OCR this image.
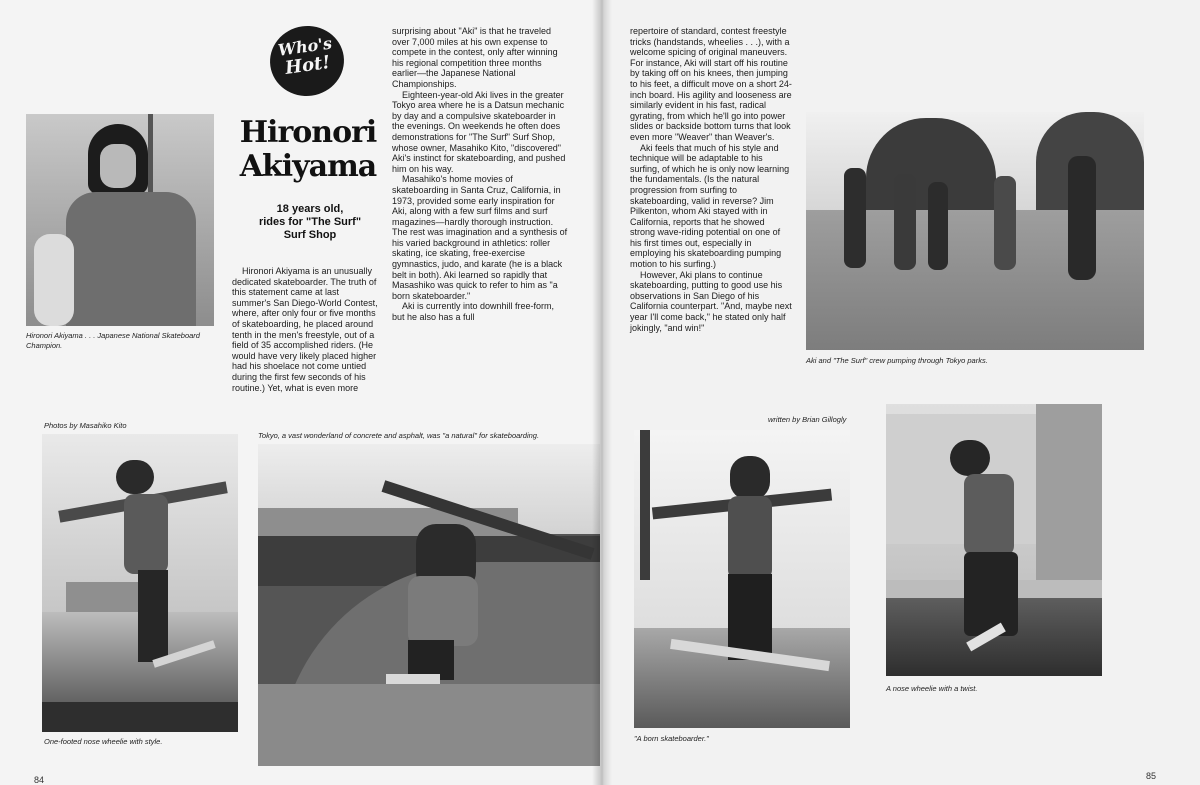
Hironori Akiyama . . . Japanese National Skateboard Champion.
Who's
Hot!
Hironori
Akiyama
18 years old,
rides for "The Surf"
Surf Shop

Hironori Akiyama is an unusually dedicated skateboarder. The truth of this statement came at last summer's San Diego-World Contest, where, after only four or five months of skateboarding, he placed around tenth in the men's freestyle, out of a field of 35 accomplished riders. (He would have very likely placed higher had his shoelace not come untied during the first few seconds of his routine.) Yet, what is even more

surprising about "Aki" is that he traveled over 7,000 miles at his own expense to compete in the contest, only after winning his regional competition three months earlier—the Japanese National Championships.

Eighteen-year-old Aki lives in the greater Tokyo area where he is a Datsun mechanic by day and a compulsive skateboarder in the evenings. On weekends he often does demonstrations for "The Surf" Surf Shop, whose owner, Masahiko Kito, "discovered" Aki's instinct for skateboarding, and pushed him on his way.

Masahiko's home movies of skateboarding in Santa Cruz, California, in 1973, provided some early inspiration for Aki, along with a few surf films and surf magazines—hardly thorough instruction. The rest was imagination and a synthesis of his varied background in athletics: roller skating, ice skating, free-exercise gymnastics, judo, and karate (he is a black belt in both). Aki learned so rapidly that Masashiko was quick to refer to him as "a born skateboarder."

Aki is currently into downhill free-form, but he also has a full

Photos by Masahiko Kito
Tokyo, a vast wonderland of concrete and asphalt, was "a natural" for skateboarding.
One-footed nose wheelie with style.
84

repertoire of standard, contest freestyle tricks (handstands, wheelies . . .), with a welcome spicing of original maneuvers. For instance, Aki will start off his routine by taking off on his knees, then jumping to his feet, a difficult move on a short 24-inch board. His agility and looseness are similarly evident in his fast, radical gyrating, from which he'll go into power slides or backside bottom turns that look even more "Weaver" than Weaver's.

Aki feels that much of his style and technique will be adaptable to his surfing, of which he is only now learning the fundamentals. (Is the natural progression from surfing to skateboarding, valid in reverse? Jim Pilkenton, whom Aki stayed with in California, reports that he showed strong wave-riding potential on one of his first times out, especially in employing his skateboarding pumping motion to his surfing.)

However, Aki plans to continue skateboarding, putting to good use his observations in San Diego of his California counterpart. "And, maybe next year I'll come back," he stated only half jokingly, "and win!"

Aki and "The Surf" crew pumping through Tokyo parks.
written by Brian Gillogly
"A born skateboarder."
A nose wheelie with a twist.
85
